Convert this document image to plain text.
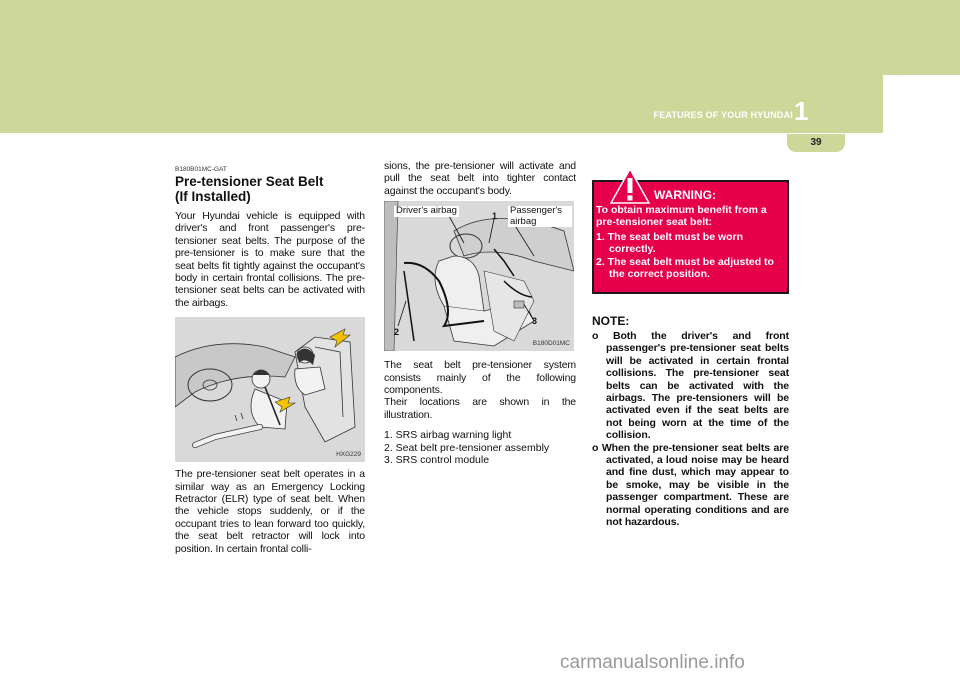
FEATURES OF YOUR HYUNDAI 1
39
B180B01MC-GAT
Pre-tensioner Seat Belt
(If Installed)

Your Hyundai vehicle is equipped with driver's and front passenger's pre-tensioner seat belts. The purpose of the pre-tensioner is to make sure that the seat belts fit tightly against the occupant's body in certain frontal collisions. The pre-tensioner seat belts can be activated with the airbags.

HXG229

The pre-tensioner seat belt operates in a similar way as an Emergency Locking Retractor (ELR) type of seat belt. When the vehicle stops suddenly, or if the occupant tries to lean forward too quickly, the seat belt retractor will lock into position. In certain frontal colli-

sions, the pre-tensioner will activate and pull the seat belt into tighter contact against the occupant's body.

Driver's airbag	Passenger's airbag
1
2
3
B180D01MC

The seat belt pre-tensioner system consists mainly of the following components.

Their locations are shown in the illustration.

1. SRS airbag warning light
2. Seat belt pre-tensioner assembly
3. SRS control module
WARNING:
To obtain maximum benefit from a pre-tensioner seat belt:
1. The seat belt must be worn correctly.
2. The seat belt must be adjusted to the correct position.
NOTE:
o Both the driver's and front passenger's pre-tensioner seat belts will be activated in certain frontal collisions. The pre-tensioner seat belts can be activated with the airbags. The pre-tensioners will be activated even if the seat belts are not being worn at the time of the collision.
o When the pre-tensioner seat belts are activated, a loud noise may be heard and fine dust, which may appear to be smoke, may be visible in the passenger compartment. These are normal operating conditions and are not hazardous.
carmanualsonline.info
